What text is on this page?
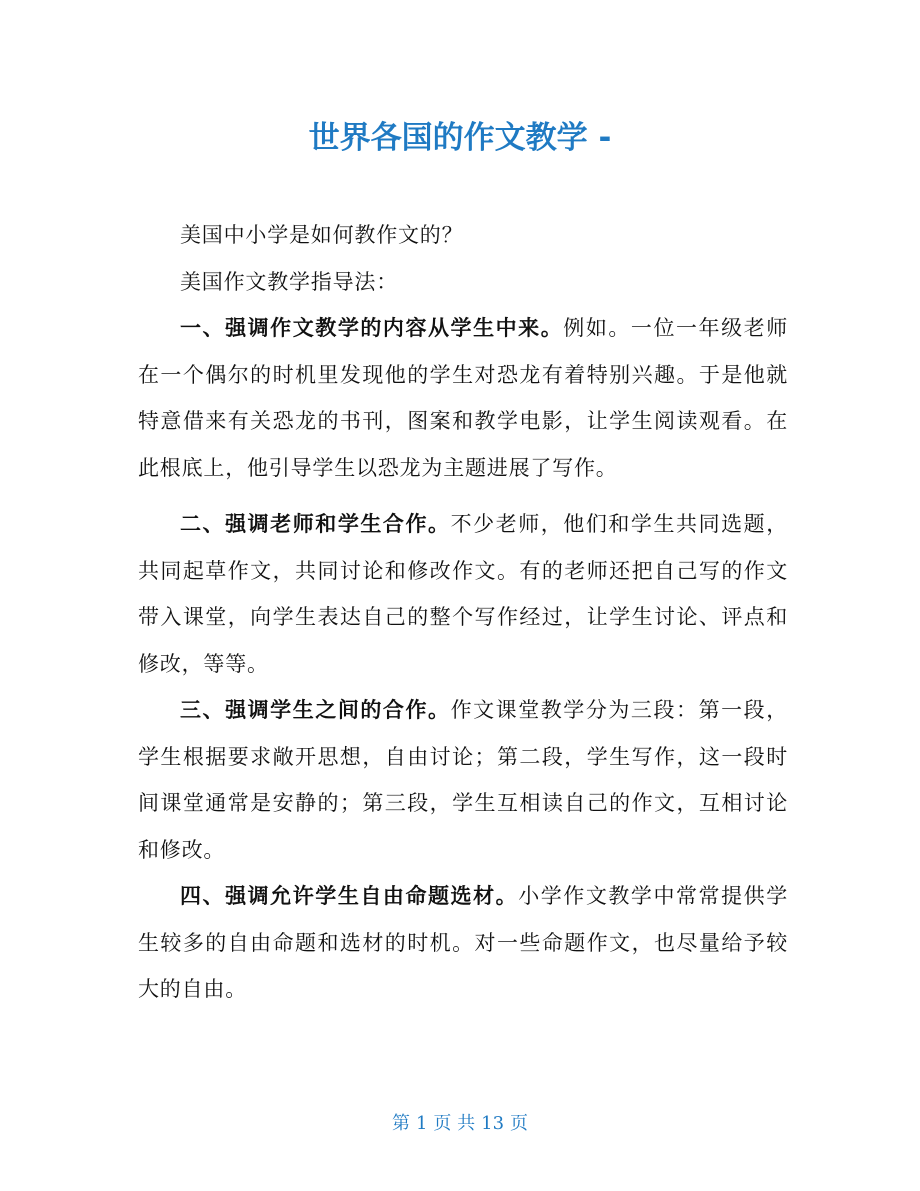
世界各国的作文教学 -

美国中小学是如何教作文的？

美国作文教学指导法：

一、强调作文教学的内容从学生中来。例如。一位一年级老师在一个偶尔的时机里发现他的学生对恐龙有着特别兴趣。于是他就特意借来有关恐龙的书刊，图案和教学电影，让学生阅读观看。在此根底上，他引导学生以恐龙为主题进展了写作。

二、强调老师和学生合作。不少老师，他们和学生共同选题，共同起草作文，共同讨论和修改作文。有的老师还把自己写的作文带入课堂，向学生表达自己的整个写作经过，让学生讨论、评点和修改，等等。

三、强调学生之间的合作。作文课堂教学分为三段：第一段，学生根据要求敞开思想，自由讨论；第二段，学生写作，这一段时间课堂通常是安静的；第三段，学生互相读自己的作文，互相讨论和修改。

四、强调允许学生自由命题选材。小学作文教学中常常提供学生较多的自由命题和选材的时机。对一些命题作文，也尽量给予较大的自由。

第 1 页 共 13 页
